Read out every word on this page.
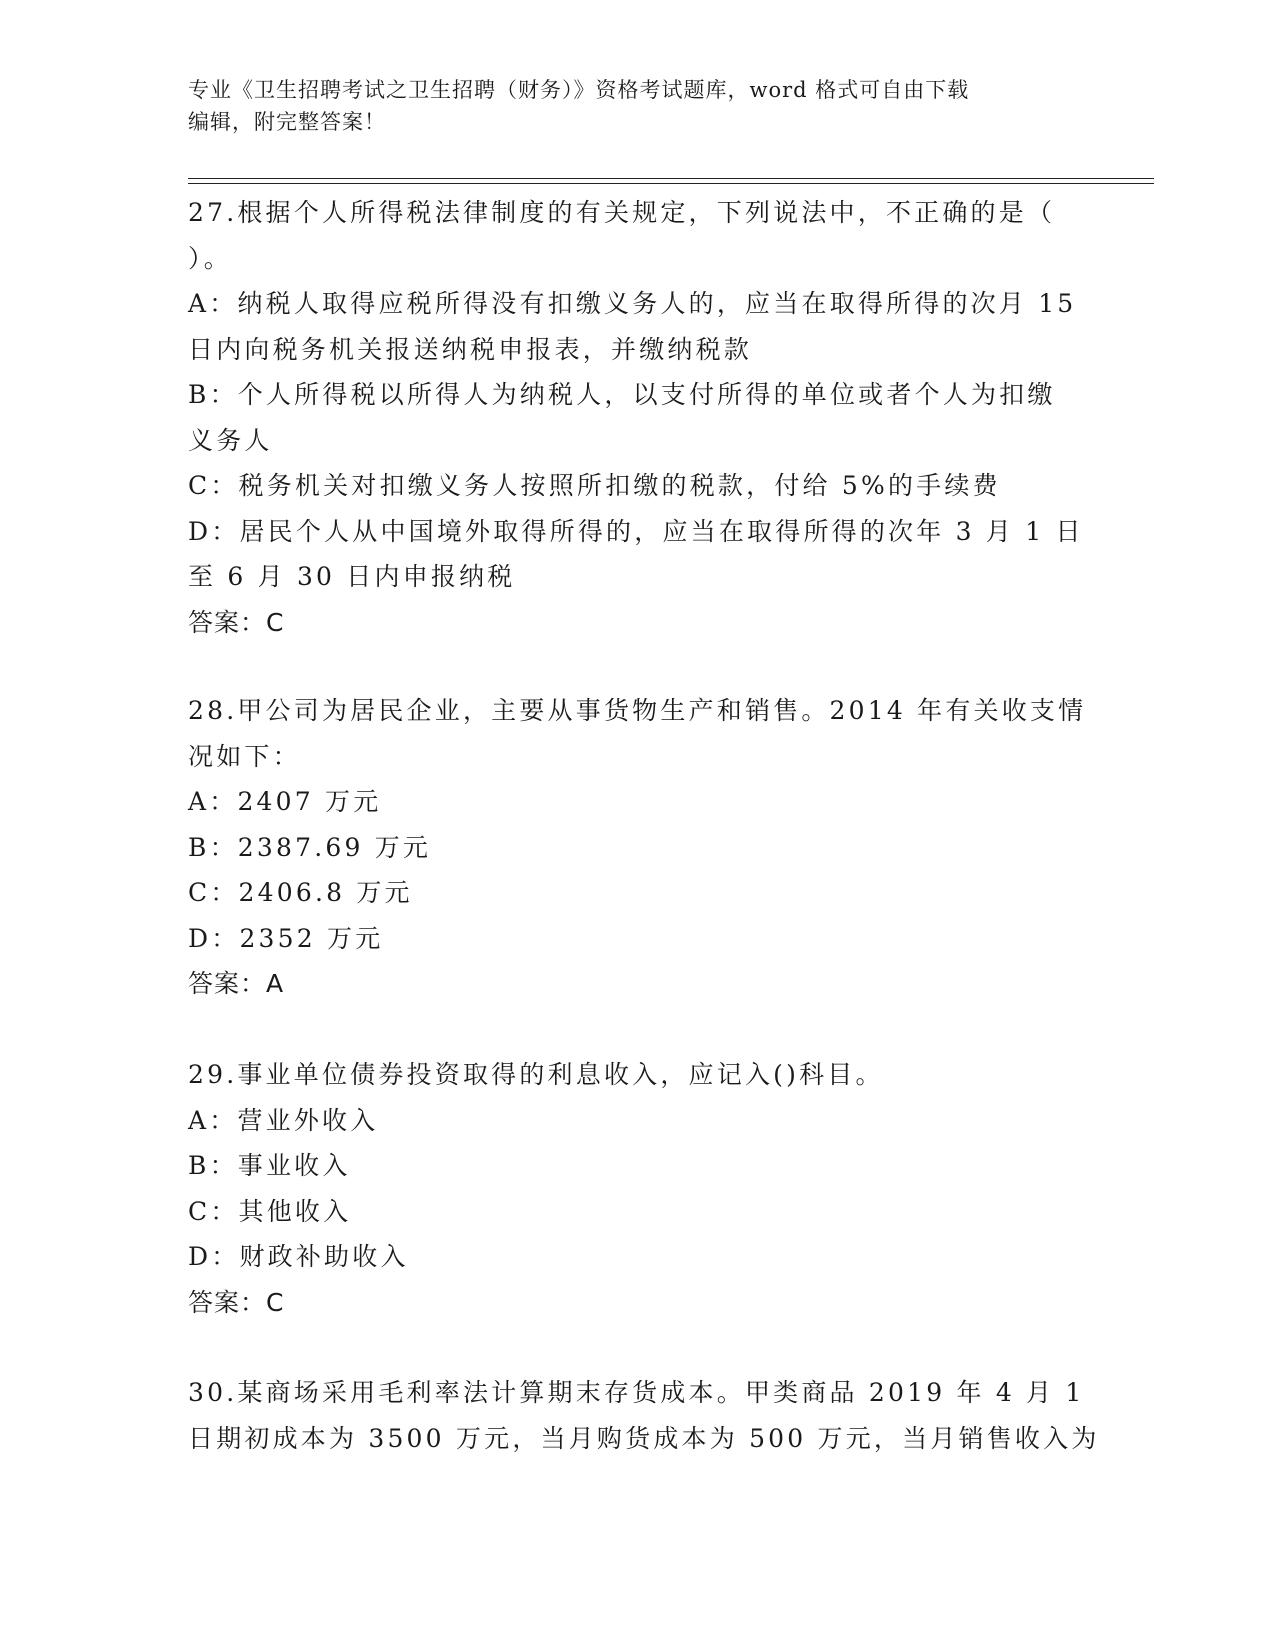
专业《卫生招聘考试之卫生招聘（财务）》资格考试题库，word 格式可自由下载
编辑，附完整答案！
27.根据个人所得税法律制度的有关规定，下列说法中，不正确的是（
）。
A：纳税人取得应税所得没有扣缴义务人的，应当在取得所得的次月 15
日内向税务机关报送纳税申报表，并缴纳税款
B：个人所得税以所得人为纳税人，以支付所得的单位或者个人为扣缴
义务人
C：税务机关对扣缴义务人按照所扣缴的税款，付给 5%的手续费
D：居民个人从中国境外取得所得的，应当在取得所得的次年 3 月 1 日
至 6 月 30 日内申报纳税
答案：C
28.甲公司为居民企业，主要从事货物生产和销售。2014 年有关收支情
况如下：
A：2407 万元
B：2387.69 万元
C：2406.8 万元
D：2352 万元
答案：A
29.事业单位债券投资取得的利息收入，应记入()科目。
A：营业外收入
B：事业收入
C：其他收入
D：财政补助收入
答案：C
30.某商场采用毛利率法计算期末存货成本。甲类商品 2019 年 4 月 1
日期初成本为 3500 万元，当月购货成本为 500 万元，当月销售收入为
